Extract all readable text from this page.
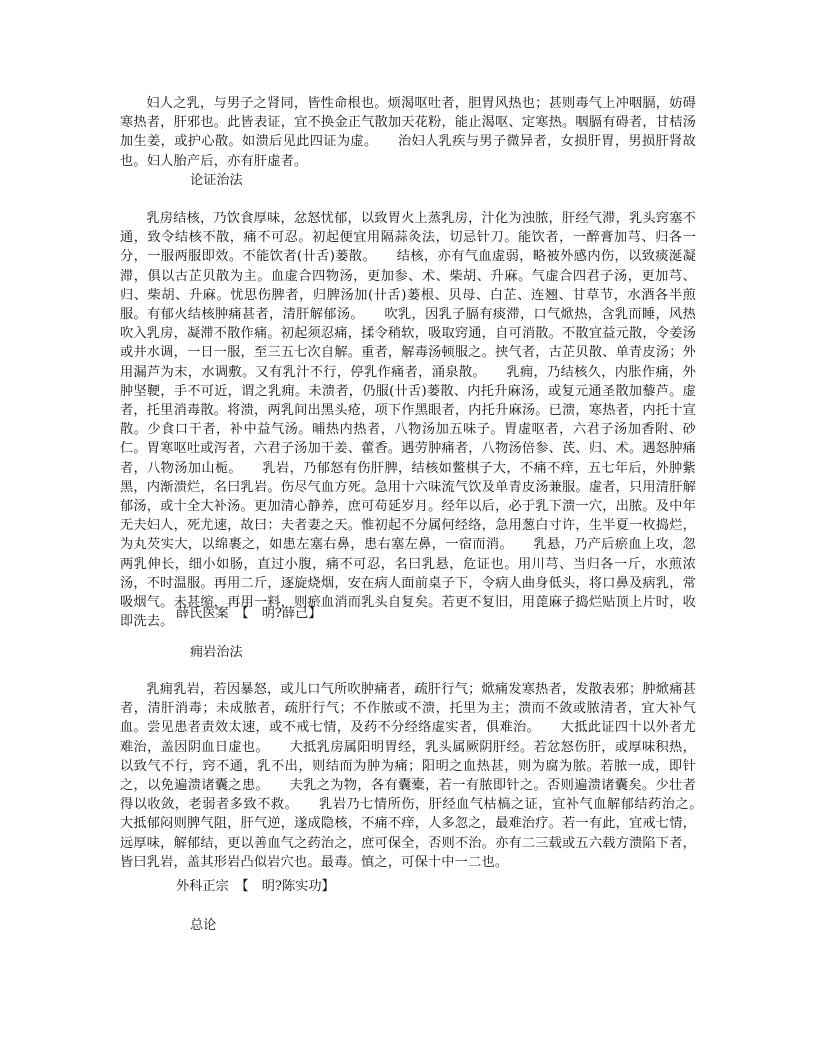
妇人之乳，与男子之肾同，皆性命根也。烦渴呕吐者，胆胃风热也；甚则毒气上冲咽膈，妨碍寒热者，肝邪也。此皆表证，宜不换金正气散加天花粉，能止渴呕、定寒热。咽膈有碍者，甘桔汤加生姜，或护心散。如溃后见此四证为虚。　　治妇人乳疾与男子微异者，女损肝胃，男损肝肾故也。妇人胎产后，亦有肝虚者。

论证治法

乳房结核，乃饮食厚味，忿怒忧郁，以致胃火上蒸乳房，汁化为浊脓，肝经气滞，乳头窍塞不通，致令结核不散，痛不可忍。初起便宜用隔蒜灸法，切忌针刀。能饮者，一醉膏加芎、归各一分，一服两服即效。不能饮者(卄舌)蒌散。　　结核，亦有气血虚弱，略被外感内伤，以致痰涎凝滞，俱以古芷贝散为主。血虚合四物汤，更加参、术、柴胡、升麻。气虚合四君子汤，更加芎、归、柴胡、升麻。忧思伤脾者，归脾汤加(卄舌)蒌根、贝母、白芷、连翘、甘草节，水酒各半煎服。有郁火结核肿痛甚者，清肝解郁汤。　　吹乳，因乳子膈有痰滞，口气焮热，含乳而睡，风热吹入乳房，凝滞不散作痛。初起须忍痛，揉令稍软，吸取窍通，自可消散。不散宜益元散，令姜汤或井水调，一日一服，至三五七次自解。重者，解毒汤顿服之。挟气者，古芷贝散、单青皮汤；外用漏芦为末，水调敷。又有乳汁不行，停乳作痛者，涌泉散。　　乳痈，乃结核久，内胀作痛，外肿坚鞕，手不可近，谓之乳痈。未溃者，仍服(卄舌)蒌散、内托升麻汤，或复元通圣散加藜芦。虚者，托里消毒散。将溃，两乳间出黑头疮，项下作黑眼者，内托升麻汤。已溃，寒热者，内托十宣散。少食口干者，补中益气汤。晡热内热者，八物汤加五味子。胃虚呕者，六君子汤加香附、砂仁。胃寒呕吐或泻者，六君子汤加干姜、藿香。遇劳肿痛者，八物汤倍参、芪、归、术。遇怒肿痛者，八物汤加山栀。　　乳岩，乃郁怒有伤肝脾，结核如鳖棋子大，不痛不痒，五七年后，外肿紫黑，内渐溃烂，名曰乳岩。伤尽气血方死。急用十六味流气饮及单青皮汤兼服。虚者，只用清肝解郁汤，或十全大补汤。更加清心静养，庶可苟延岁月。经年以后，必于乳下溃一穴，出脓。及中年无夫妇人，死尤速，故曰：夫者妻之天。惟初起不分属何经络，急用葱白寸许，生半夏一枚捣烂，为丸芡实大，以绵裹之，如患左塞右鼻，患右塞左鼻，一宿而消。　　乳悬，乃产后瘀血上攻，忽两乳伸长，细小如肠，直过小腹，痛不可忍，名曰乳悬，危证也。用川芎、当归各一斤，水煎浓汤，不时温服。再用二斤，逐旋烧烟，安在病人面前桌子下，令病人曲身低头，将口鼻及病乳，常吸烟气。未甚缩，再用一料，则瘀血消而乳头自复矣。若更不复旧，用萞麻子捣烂贴顶上片时，收即洗去。

薛氏医案　【　明?薛己】

痈岩治法

乳痈乳岩，若因暴怒，或儿口气所吹肿痛者，疏肝行气；焮痛发寒热者，发散表邪；肿焮痛甚者，清肝消毒；未成脓者，疏肝行气；不作脓或不溃，托里为主；溃而不敛或脓清者，宜大补气血。尝见患者责效太速，或不戒七情，及药不分经络虚实者，俱难治。　　大抵此证四十以外者尤难治，盖因阴血日虚也。　　大抵乳房属阳明胃经，乳头属厥阴肝经。若忿怒伤肝，或厚味积热，以致气不行，窍不通，乳不出，则结而为肿为痛；阳明之血热甚，则为腐为脓。若脓一成，即针之，以免遍溃诸囊之患。　　夫乳之为物，各有囊橐，若一有脓即针之。否则遍溃诸囊矣。少壮者得以收敛，老弱者多致不救。　　乳岩乃七情所伤，肝经血气枯槁之证，宜补气血解郁结药治之。　　大抵郁闷则脾气阻，肝气逆，遂成隐核，不痛不痒，人多忽之，最难治疗。若一有此，宜戒七情，远厚味，解郁结，更以善血气之药治之，庶可保全，否则不治。亦有二三载或五六载方溃陷下者，皆曰乳岩，盖其形岩凸似岩穴也。最毒。慎之，可保十中一二也。

外科正宗　【　明?陈实功】

总论
